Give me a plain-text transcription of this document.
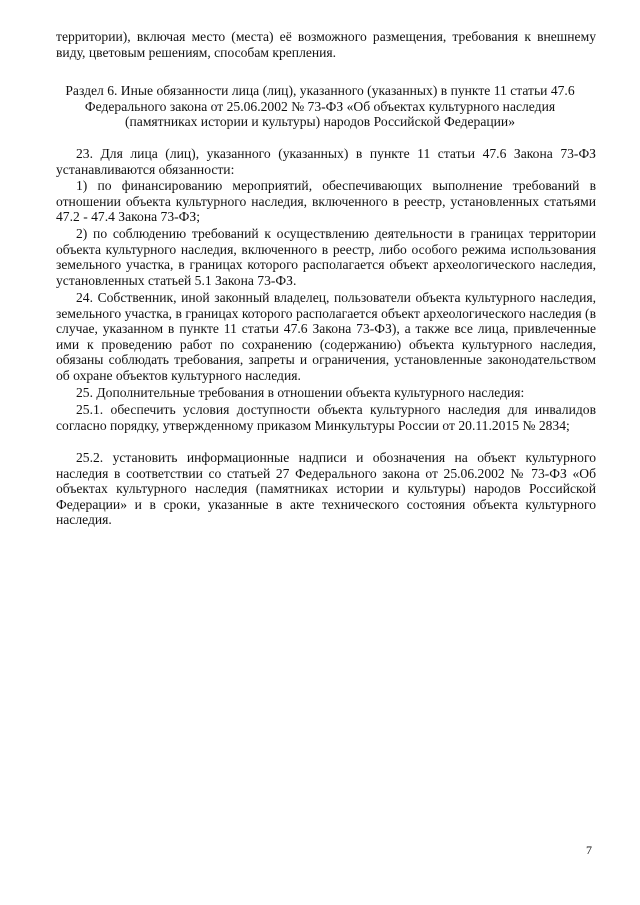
территории), включая место (места) её возможного размещения, требования к внешнему виду, цветовым решениям, способам крепления.

Раздел 6. Иные обязанности лица (лиц), указанного (указанных) в пункте 11 статьи 47.6
Федерального закона от 25.06.2002 № 73-ФЗ «Об объектах культурного наследия
(памятниках истории и культуры) народов Российской Федерации»

23. Для лица (лиц), указанного (указанных) в пункте 11 статьи 47.6 Закона 73-ФЗ устанавливаются обязанности:

1) по финансированию мероприятий, обеспечивающих выполнение требований в отношении объекта культурного наследия, включенного в реестр, установленных статьями 47.2 - 47.4 Закона 73-ФЗ;

2) по соблюдению требований к осуществлению деятельности в границах территории объекта культурного наследия, включенного в реестр, либо особого режима использования земельного участка, в границах которого располагается объект археологического наследия, установленных статьей 5.1 Закона 73-ФЗ.

24. Собственник, иной законный владелец, пользователи объекта культурного наследия, земельного участка, в границах которого располагается объект археологического наследия (в случае, указанном в пункте 11 статьи 47.6 Закона 73-ФЗ), а также все лица, привлеченные ими к проведению работ по сохранению (содержанию) объекта культурного наследия, обязаны соблюдать требования, запреты и ограничения, установленные законодательством об охране объектов культурного наследия.

25. Дополнительные требования в отношении объекта культурного наследия:

25.1. обеспечить условия доступности объекта культурного наследия для инвалидов согласно порядку, утвержденному приказом Минкультуры России от 20.11.2015 № 2834;

25.2. установить информационные надписи и обозначения на объект культурного наследия в соответствии со статьей 27 Федерального закона от 25.06.2002 № 73-ФЗ «Об объектах культурного наследия (памятниках истории и культуры) народов Российской Федерации» и в сроки, указанные в акте технического состояния объекта культурного наследия.

7
